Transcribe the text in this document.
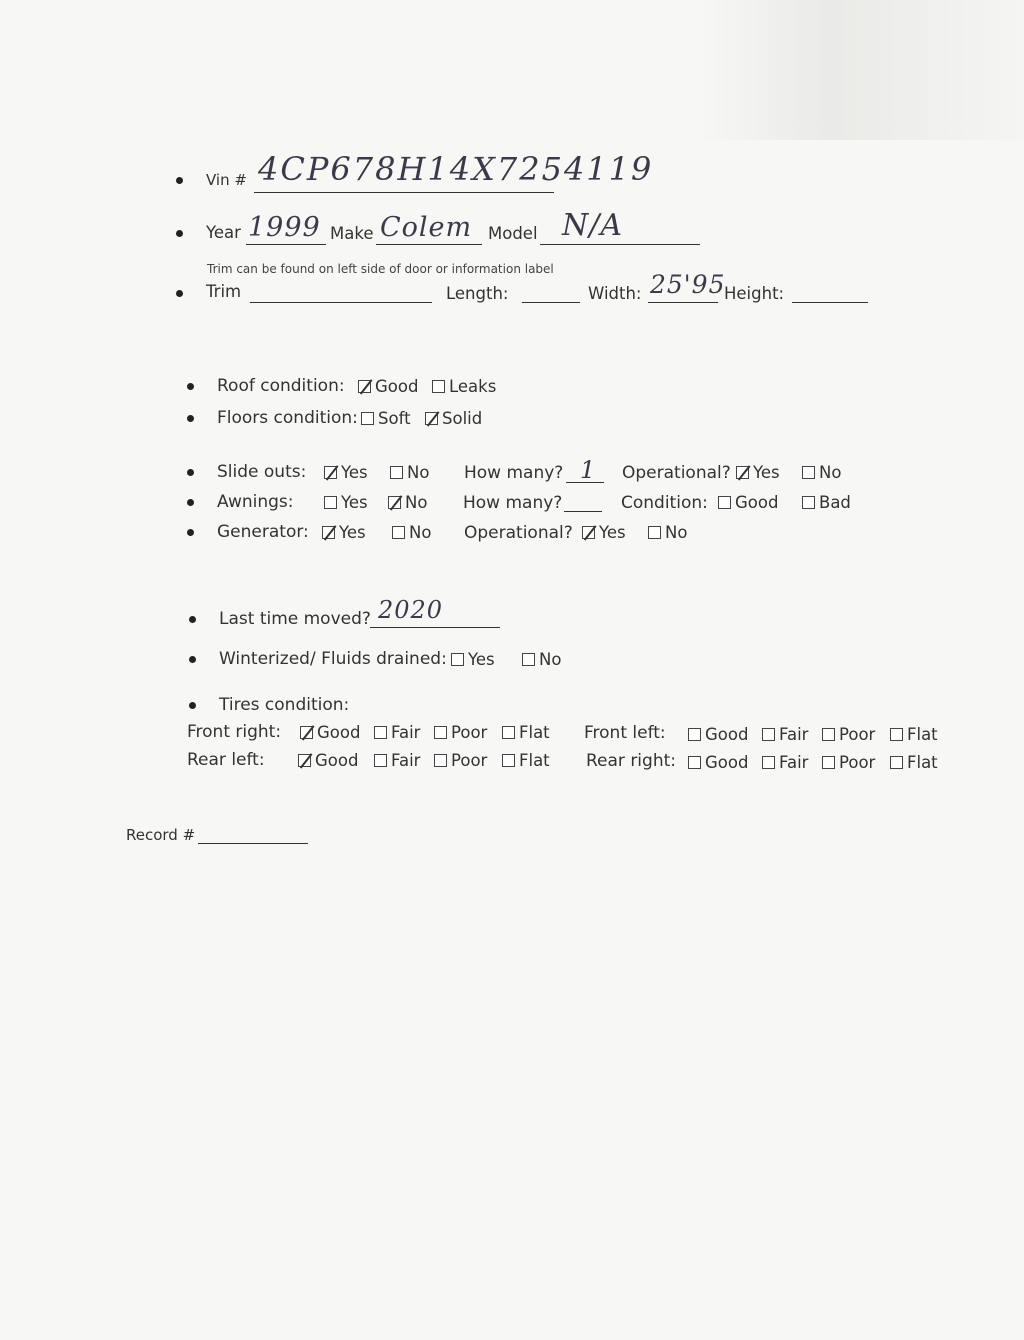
Vin # 4CP678H14X7254119
Year 1999 Make Colem Model N/A
Trim can be found on left side of door or information label
Trim	Length:	Width: 25'95
Height:
Roof condition:	Good	Leaks
Floors condition:	Soft	Solid
Slide outs:	Yes	No How many? 1 Operational?	Yes	No
Awnings:	Yes	No How many?	Condition:	Good	Bad
Generator:	Yes	No Operational?	Yes	No
Last time moved? 2020
Winterized/ Fluids drained:	Yes	No
Tires condition:
Front right:	Good	Fair	Poor	Flat Front left:	Good	Fair	Poor	Flat
Rear left:	Good	Fair	Poor	Flat Rear right:	Good	Fair	Poor	Flat
Record #
